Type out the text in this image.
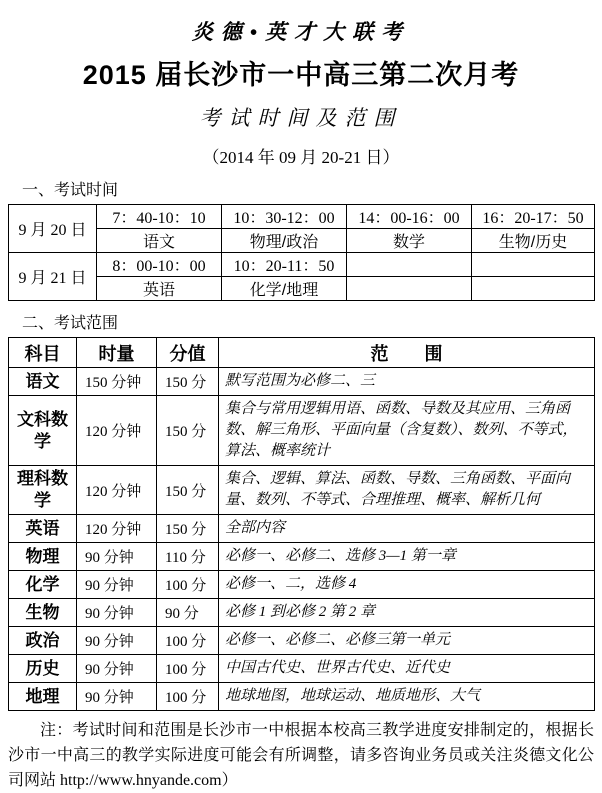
炎德•英才大联考
2015 届长沙市一中高三第二次月考
考试时间及范围
（2014 年 09 月 20-21 日）
一、考试时间
9 月 20 日	7：40-10：10	10：30-12：00	14：00-16：00	16：20-17：50
	语文	物理/政治	数学	生物/历史
9 月 21 日	8：00-10：00	10：20-11：50		
	英语	化学/地理		
二、考试范围
科目	时量	分值	范　　围
语文	150 分钟	150 分	默写范围为必修二、三
文科数学	120 分钟	150 分	集合与常用逻辑用语、函数、导数及其应用、三角函数、解三角形、平面向量（含复数）、数列、不等式，算法、概率统计
理科数学	120 分钟	150 分	集合、逻辑、算法、函数、导数、三角函数、平面向量、数列、不等式、合理推理、概率、解析几何
英语	120 分钟	150 分	全部内容
物理	90 分钟	110 分	必修一、必修二、选修 3—1 第一章
化学	90 分钟	100 分	必修一、二，选修 4
生物	90 分钟	90 分	必修 1 到必修 2 第 2 章
政治	90 分钟	100 分	必修一、必修二、必修三第一单元
历史	90 分钟	100 分	中国古代史、世界古代史、近代史
地理	90 分钟	100 分	地球地图，地球运动、地质地形、大气

注：考试时间和范围是长沙市一中根据本校高三教学进度安排制定的，根据长沙市一中高三的教学实际进度可能会有所调整，请多咨询业务员或关注炎德文化公司网站 http://www.hnyande.com）
